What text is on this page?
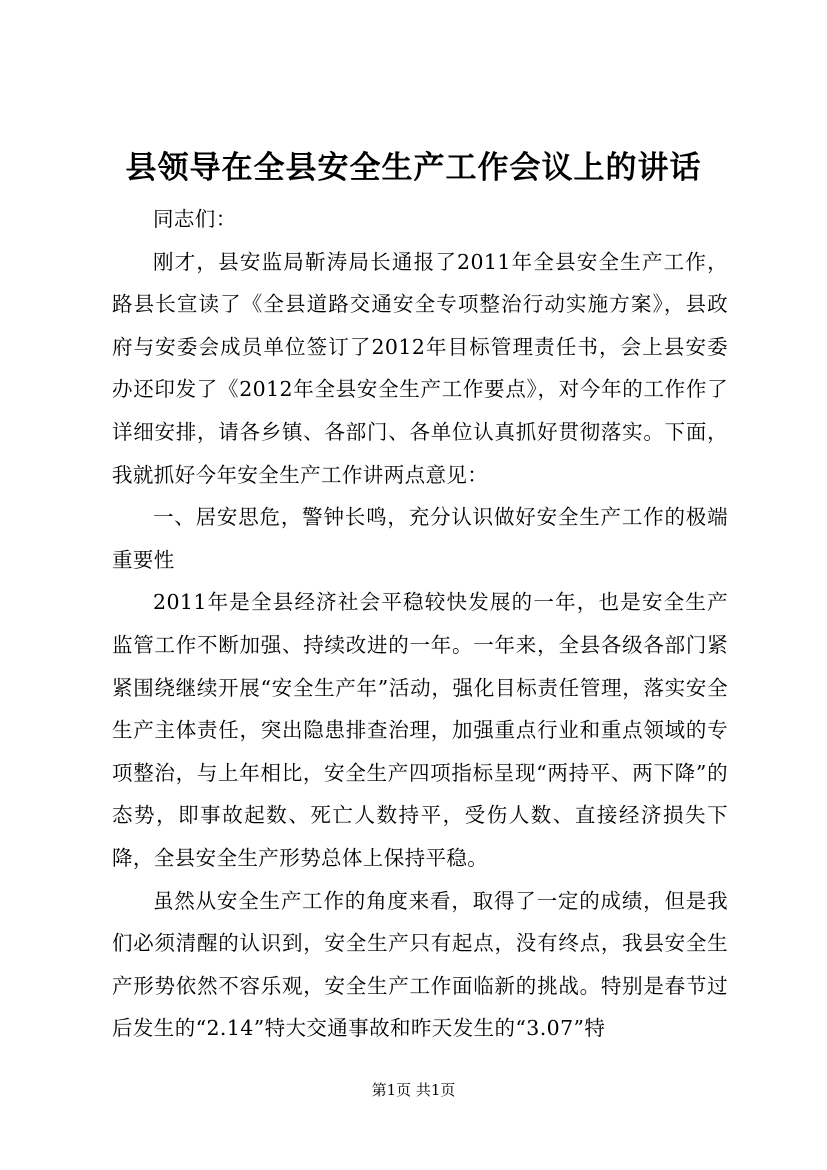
县领导在全县安全生产工作会议上的讲话

同志们：

刚才，县安监局靳涛局长通报了2011年全县安全生产工作，路县长宣读了《全县道路交通安全专项整治行动实施方案》，县政府与安委会成员单位签订了2012年目标管理责任书，会上县安委办还印发了《2012年全县安全生产工作要点》，对今年的工作作了详细安排，请各乡镇、各部门、各单位认真抓好贯彻落实。下面，我就抓好今年安全生产工作讲两点意见：

一、居安思危，警钟长鸣，充分认识做好安全生产工作的极端重要性

2011年是全县经济社会平稳较快发展的一年，也是安全生产监管工作不断加强、持续改进的一年。一年来，全县各级各部门紧紧围绕继续开展“安全生产年”活动，强化目标责任管理，落实安全生产主体责任，突出隐患排查治理，加强重点行业和重点领域的专项整治，与上年相比，安全生产四项指标呈现“两持平、两下降”的态势，即事故起数、死亡人数持平，受伤人数、直接经济损失下降，全县安全生产形势总体上保持平稳。

虽然从安全生产工作的角度来看，取得了一定的成绩，但是我们必须清醒的认识到，安全生产只有起点，没有终点，我县安全生产形势依然不容乐观，安全生产工作面临新的挑战。特别是春节过后发生的“2.14”特大交通事故和昨天发生的“3.07”特

第1页 共1页
